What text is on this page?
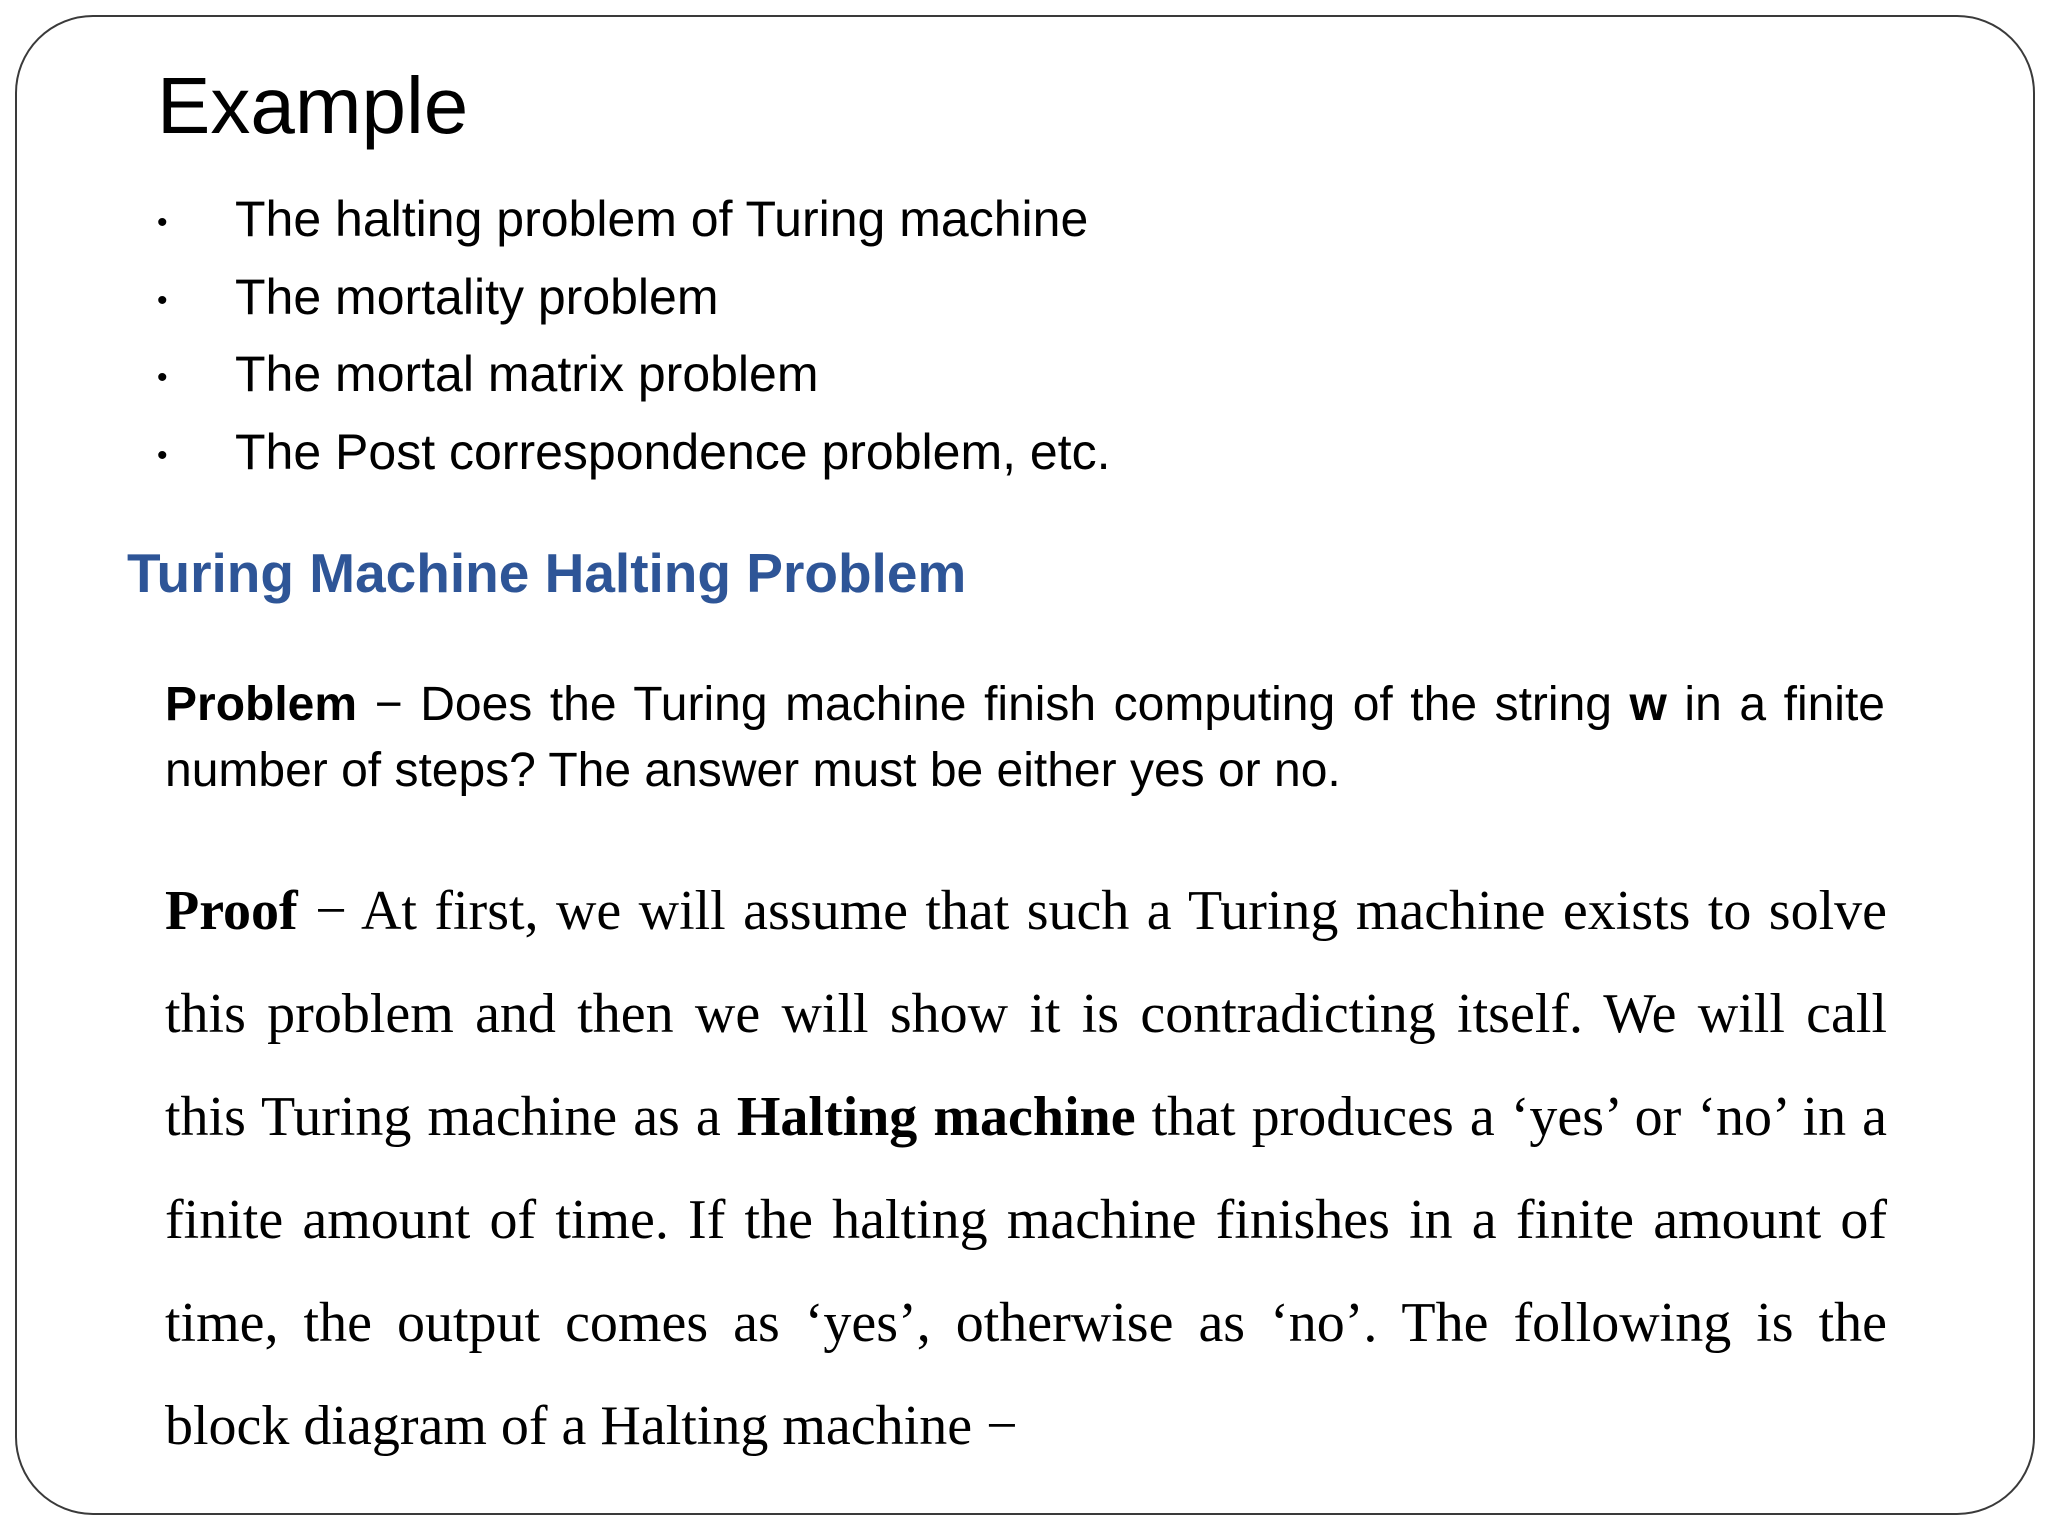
Example
• The halting problem of Turing machine
• The mortality problem
• The mortal matrix problem
• The Post correspondence problem, etc.
Turing Machine Halting Problem

Problem − Does the Turing machine finish computing of the string w in a finite number of steps? The answer must be either yes or no.

Proof − At first, we will assume that such a Turing machine exists to solve this problem and then we will show it is contradicting itself. We will call this Turing machine as a Halting machine that produces a ‘yes’ or ‘no’ in a finite amount of time. If the halting machine finishes in a finite amount of time, the output comes as ‘yes’, otherwise as ‘no’. The following is the block diagram of a Halting machine −
